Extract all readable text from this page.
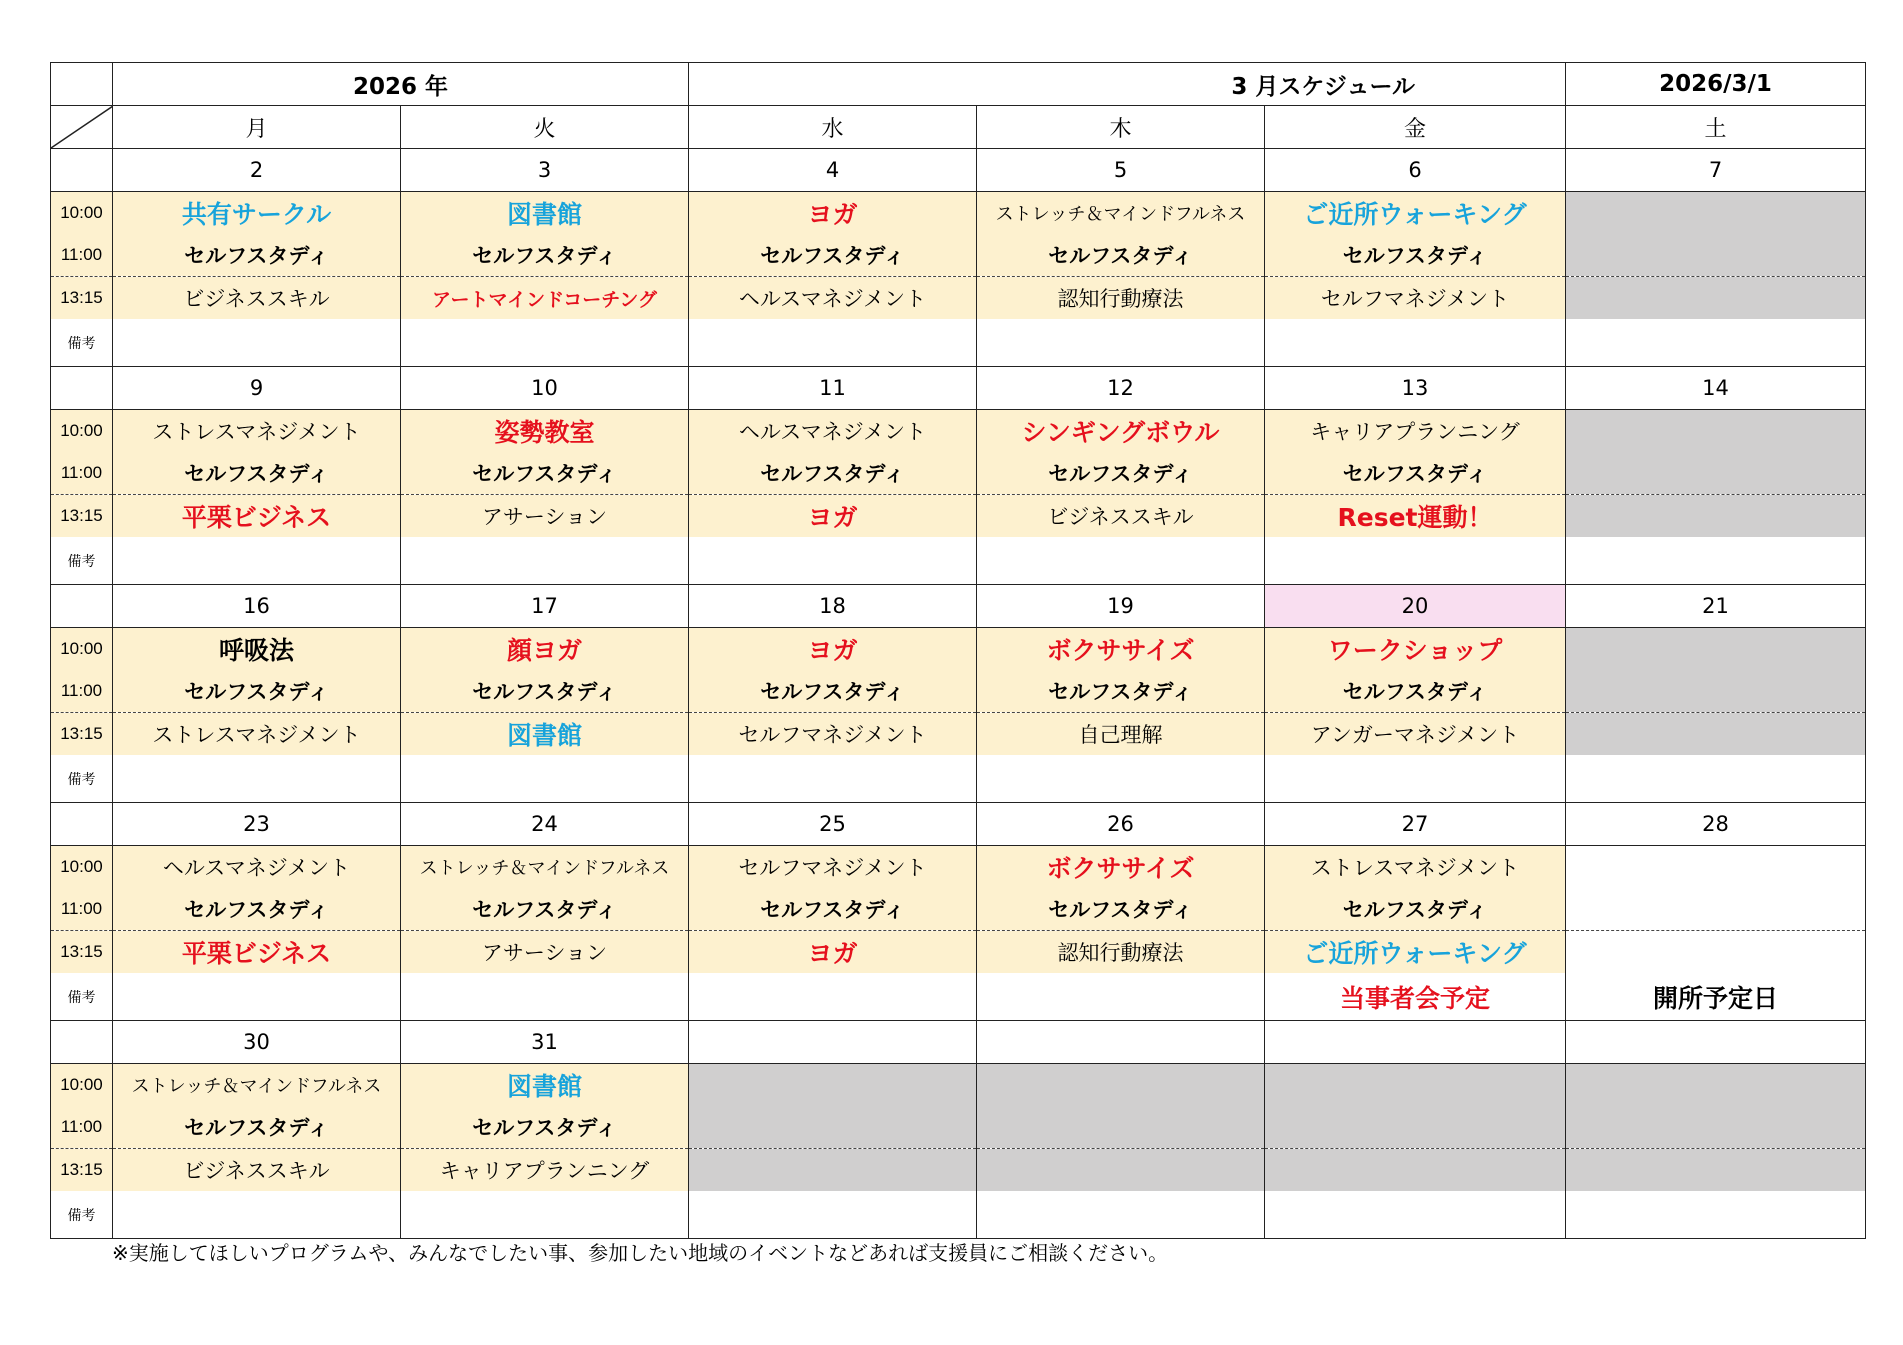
	2026 年		3 月スケジュール			2026/3/1

	月	火	水	木	金	土
	2	3	4	5	6	7
10:00	共有サークル	図書館	ヨガ	ストレッチ＆マインドフルネス	ご近所ウォーキング	
11:00	セルフスタディ	セルフスタディ	セルフスタディ	セルフスタディ	セルフスタディ	
13:15	ビジネススキル	アートマインドコーチング	ヘルスマネジメント	認知行動療法	セルフマネジメント	
備考						
	9	10	11	12	13	14
10:00	ストレスマネジメント	姿勢教室	ヘルスマネジメント	シンギングボウル	キャリアプランニング	
11:00	セルフスタディ	セルフスタディ	セルフスタディ	セルフスタディ	セルフスタディ	
13:15	平栗ビジネス	アサーション	ヨガ	ビジネススキル	Reset運動！	
備考						
	16	17	18	19	20	21
10:00	呼吸法	顔ヨガ	ヨガ	ボクササイズ	ワークショップ	
11:00	セルフスタディ	セルフスタディ	セルフスタディ	セルフスタディ	セルフスタディ	
13:15	ストレスマネジメント	図書館	セルフマネジメント	自己理解	アンガーマネジメント	
備考						
	23	24	25	26	27	28
10:00	ヘルスマネジメント	ストレッチ＆マインドフルネス	セルフマネジメント	ボクササイズ	ストレスマネジメント	
11:00	セルフスタディ	セルフスタディ	セルフスタディ	セルフスタディ	セルフスタディ	
13:15	平栗ビジネス	アサーション	ヨガ	認知行動療法	ご近所ウォーキング	
備考					当事者会予定	開所予定日
	30	31				
10:00	ストレッチ＆マインドフルネス	図書館				
11:00	セルフスタディ	セルフスタディ				
13:15	ビジネススキル	キャリアプランニング				
備考						
※実施してほしいプログラムや、みんなでしたい事、参加したい地域のイベントなどあれば支援員にご相談ください。
